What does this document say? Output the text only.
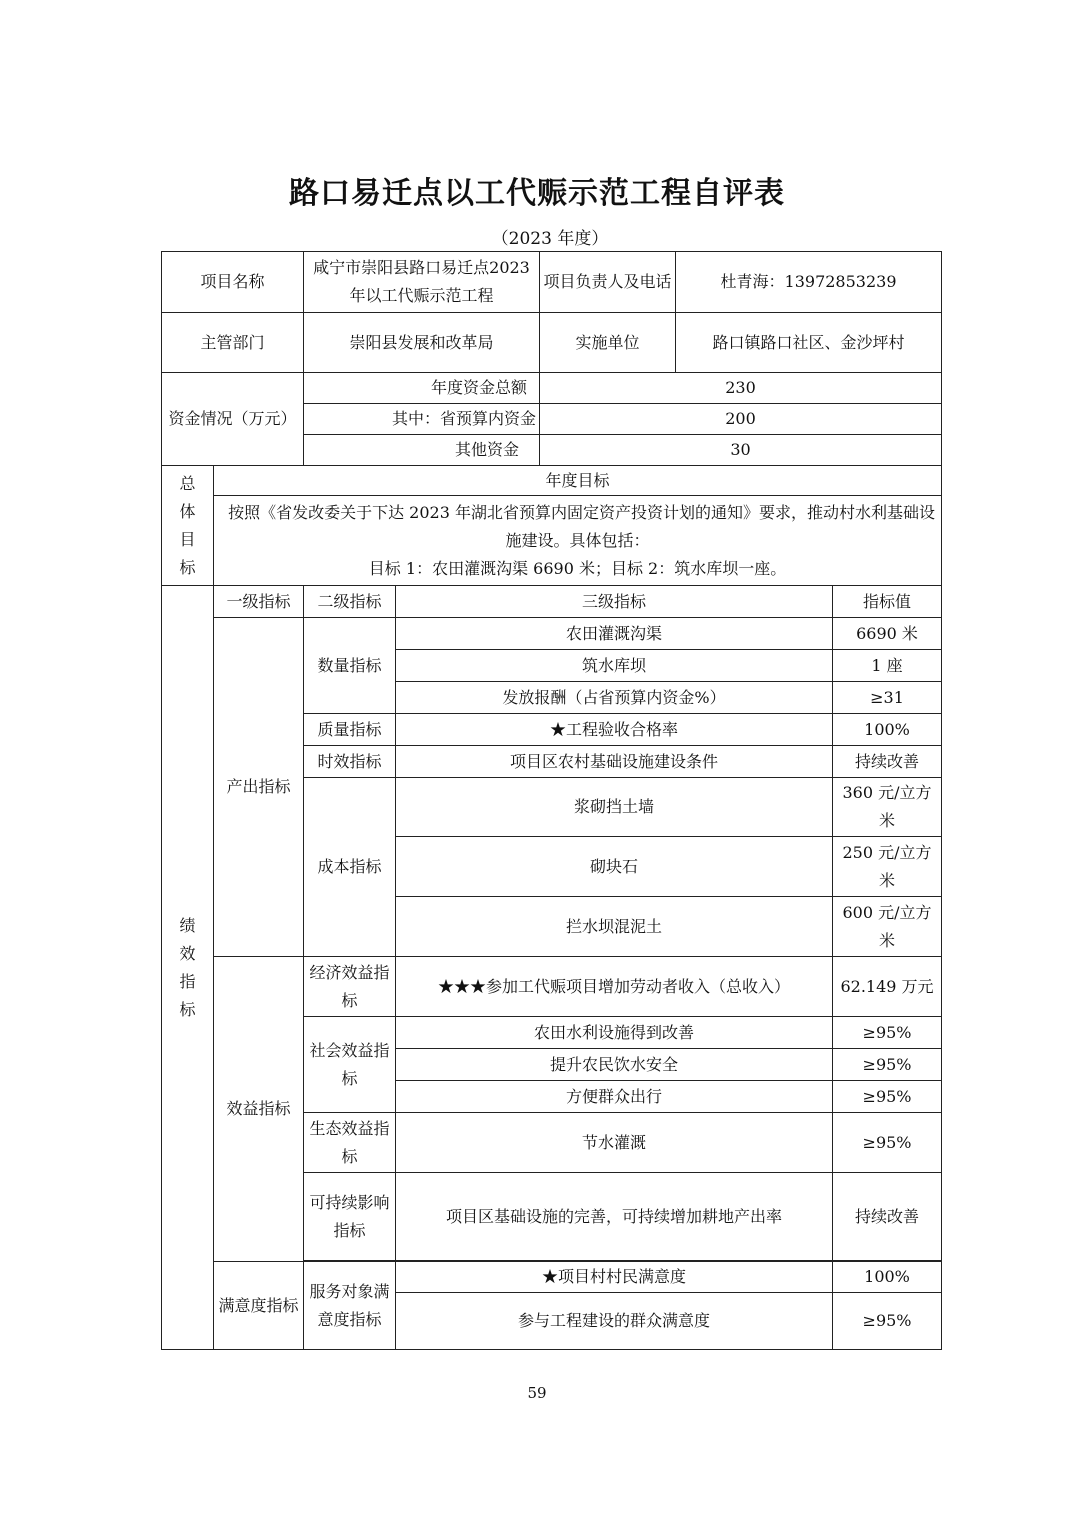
路口易迁点以工代赈示范工程自评表
（2023 年度）
项目名称		咸宁市崇阳县路口易迁点2023 年以工代赈示范工程		项目负责人及电话	杜青海：13972853239	
主管部门		崇阳县发展和改革局		实施单位	路口镇路口社区、金沙坪村	
资金情况（万元）		年度资金总额		230		
		其中：省预算内资金		200		
		其他资金		30		

总体目标	年度目标					

	按照《省发改委关于下达 2023 年湖北省预算内固定资产投资计划的通知》要求，推动村水利基础设施建设。具体包括：
目标 1：农田灌溉沟渠 6690 米；目标 2：筑水库坝一座。					

绩效指标	一级指标	二级指标	三级指标			指标值
	产出指标	数量指标	农田灌溉沟渠			6690 米
			筑水库坝			1 座
			发放报酬（占省预算内资金%）			≥31
		质量指标	★工程验收合格率			100%
		时效指标	项目区农村基础设施建设条件			持续改善
		成本指标	浆砌挡土墙			360 元/立方米
			砌块石			250 元/立方米
			拦水坝混泥土			600 元/立方米
	效益指标	经济效益指标	★★★参加工代赈项目增加劳动者收入（总收入）			62.149 万元
		社会效益指标	农田水利设施得到改善			≥95%
			提升农民饮水安全			≥95%
			方便群众出行			≥95%
		生态效益指标	节水灌溉			≥95%
		可持续影响指标	项目区基础设施的完善，可持续增加耕地产出率			持续改善

	满意度指标	服务对象满意度指标	★项目村村民满意度			100%
			参与工程建设的群众满意度			≥95%
59
